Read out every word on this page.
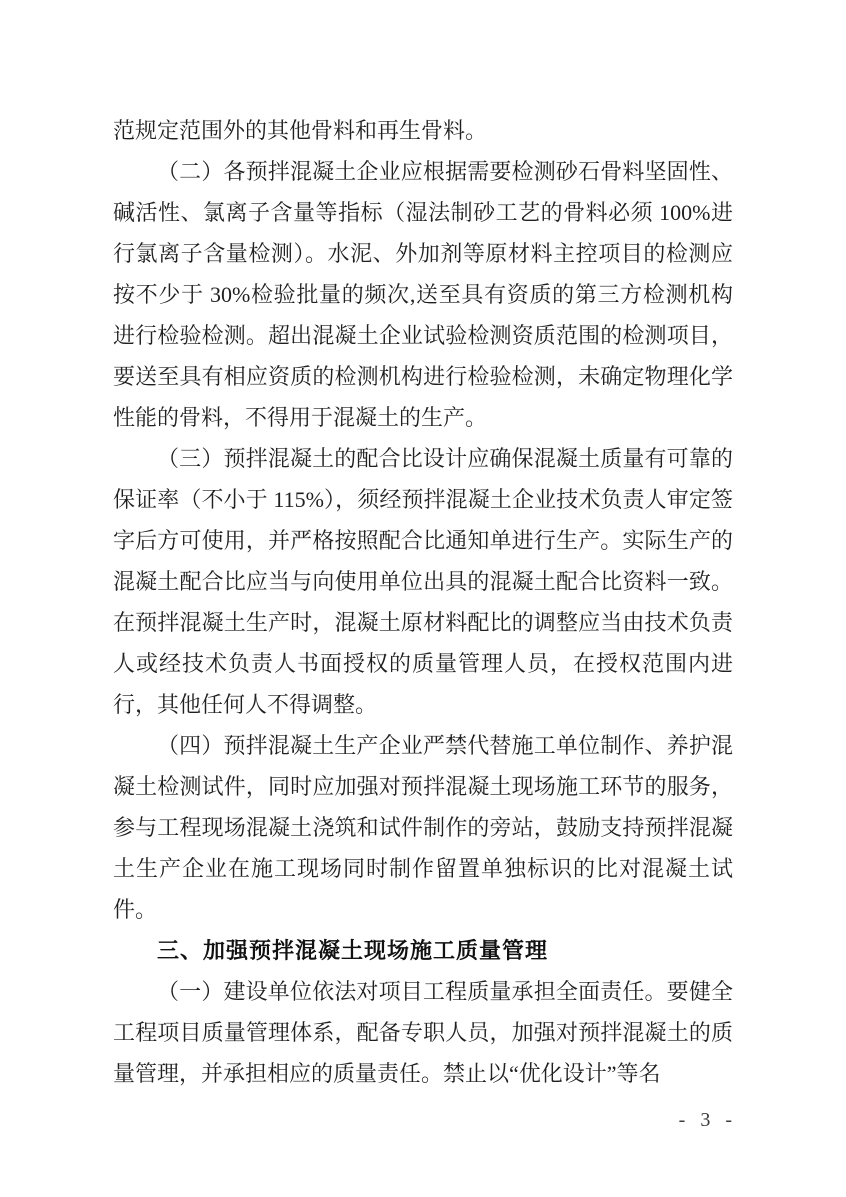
范规定范围外的其他骨料和再生骨料。

（二）各预拌混凝土企业应根据需要检测砂石骨料坚固性、碱活性、氯离子含量等指标（湿法制砂工艺的骨料必须 100%进行氯离子含量检测）。水泥、外加剂等原材料主控项目的检测应按不少于 30%检验批量的频次,送至具有资质的第三方检测机构进行检验检测。超出混凝土企业试验检测资质范围的检测项目，要送至具有相应资质的检测机构进行检验检测，未确定物理化学性能的骨料，不得用于混凝土的生产。

（三）预拌混凝土的配合比设计应确保混凝土质量有可靠的保证率（不小于 115%），须经预拌混凝土企业技术负责人审定签字后方可使用，并严格按照配合比通知单进行生产。实际生产的混凝土配合比应当与向使用单位出具的混凝土配合比资料一致。在预拌混凝土生产时，混凝土原材料配比的调整应当由技术负责人或经技术负责人书面授权的质量管理人员，在授权范围内进行，其他任何人不得调整。

（四）预拌混凝土生产企业严禁代替施工单位制作、养护混凝土检测试件，同时应加强对预拌混凝土现场施工环节的服务，参与工程现场混凝土浇筑和试件制作的旁站，鼓励支持预拌混凝土生产企业在施工现场同时制作留置单独标识的比对混凝土试件。

三、加强预拌混凝土现场施工质量管理

（一）建设单位依法对项目工程质量承担全面责任。要健全工程项目质量管理体系，配备专职人员，加强对预拌混凝土的质量管理，并承担相应的质量责任。禁止以“优化设计”等名

- 3 -
